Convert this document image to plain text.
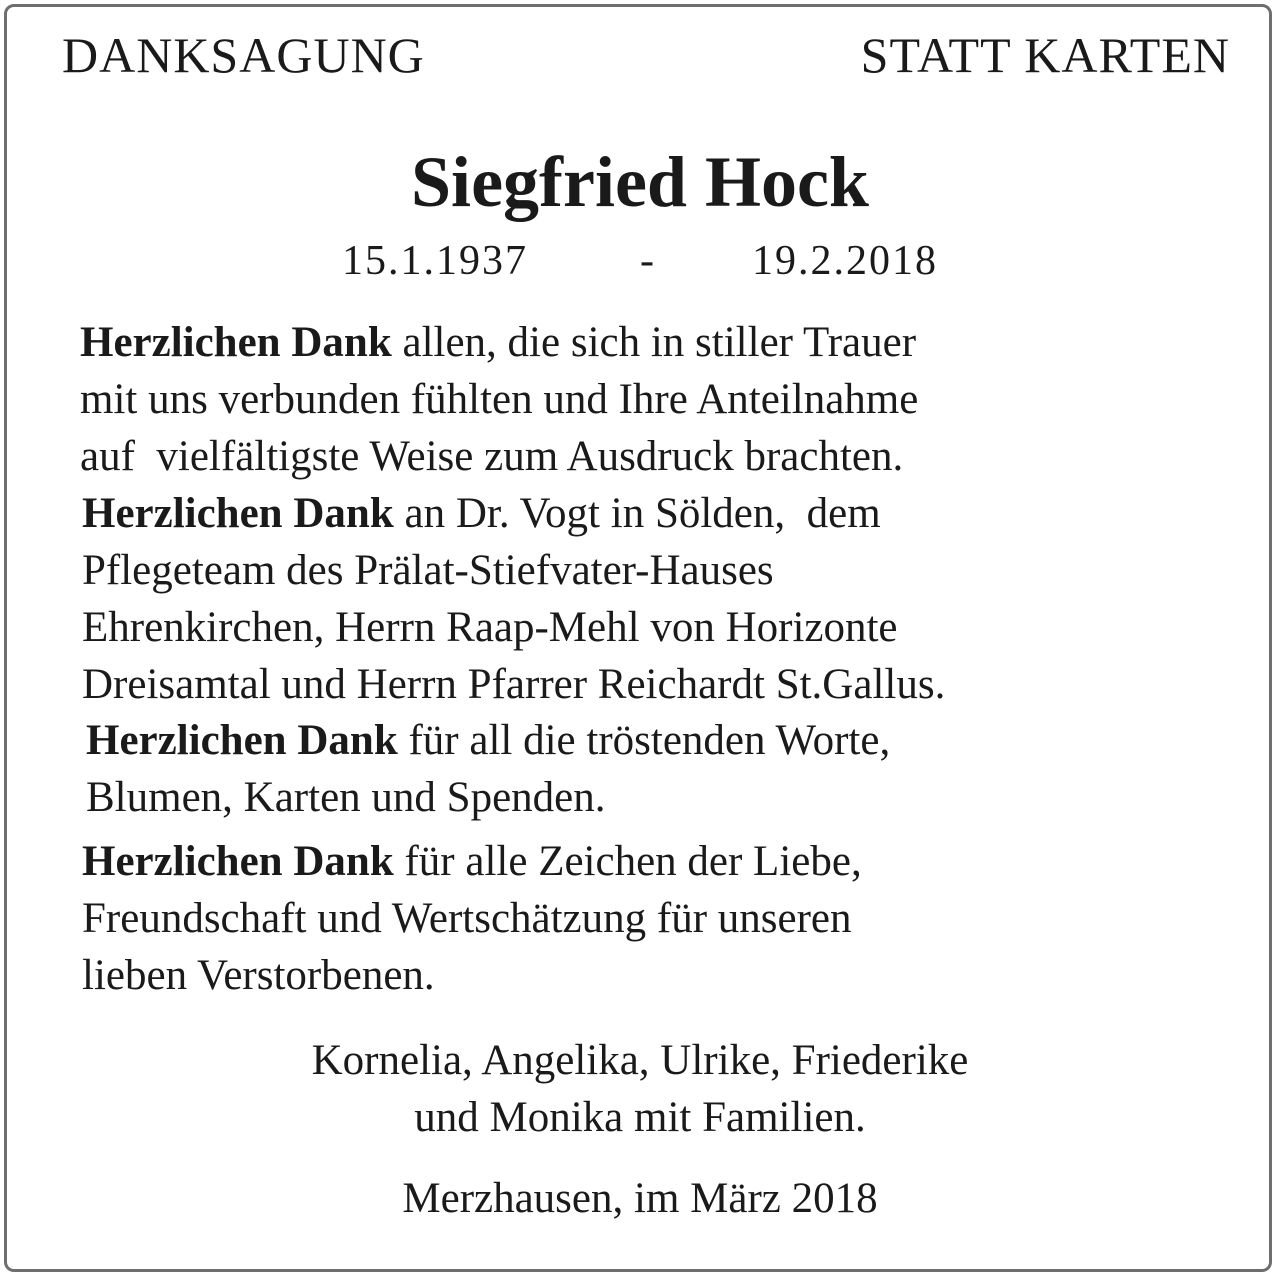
DANKSAGUNG	STATT KARTEN
Siegfried Hock
15.1.1937	- 19.2.2018
Herzlichen Dank allen, die sich in stiller Trauer
mit uns verbunden fühlten und Ihre Anteilnahme
auf  vielfältigste Weise zum Ausdruck brachten.
Herzlichen Dank an Dr. Vogt in Sölden,  dem
Pflegeteam des Prälat-Stiefvater-Hauses
Ehrenkirchen, Herrn Raap-Mehl von Horizonte
Dreisamtal und Herrn Pfarrer Reichardt St.Gallus.
Herzlichen Dank für all die tröstenden Worte,
Blumen, Karten und Spenden.
Herzlichen Dank für alle Zeichen der Liebe,
Freundschaft und Wertschätzung für unseren
lieben Verstorbenen.
Kornelia, Angelika, Ulrike, Friederike
und Monika mit Familien.
Merzhausen, im März 2018
